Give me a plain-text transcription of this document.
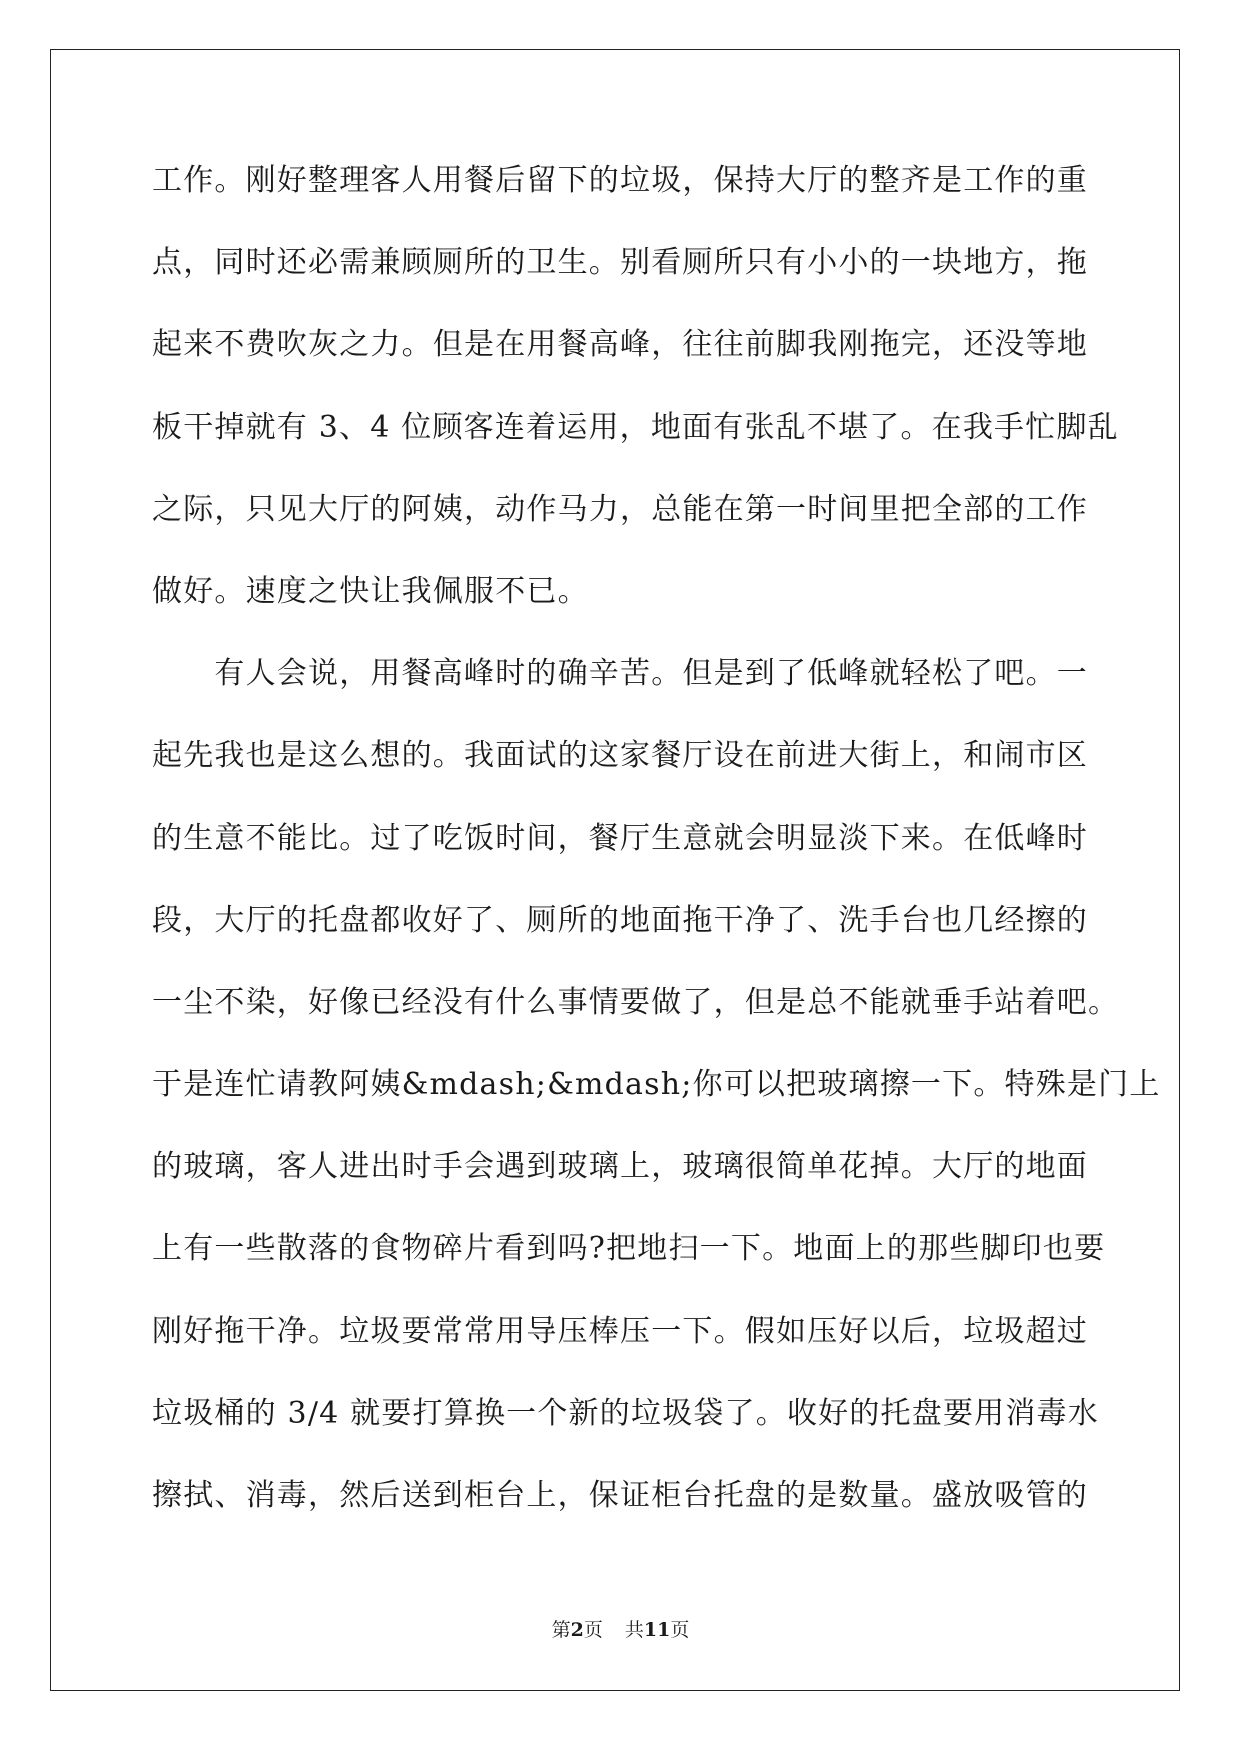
工作。刚好整理客人用餐后留下的垃圾，保持大厅的整齐是工作的重
点，同时还必需兼顾厕所的卫生。别看厕所只有小小的一块地方，拖
起来不费吹灰之力。但是在用餐高峰，往往前脚我刚拖完，还没等地
板干掉就有 3、4 位顾客连着运用，地面有张乱不堪了。在我手忙脚乱
之际，只见大厅的阿姨，动作马力，总能在第一时间里把全部的工作
做好。速度之快让我佩服不已。
　　有人会说，用餐高峰时的确辛苦。但是到了低峰就轻松了吧。一
起先我也是这么想的。我面试的这家餐厅设在前进大街上，和闹市区
的生意不能比。过了吃饭时间，餐厅生意就会明显淡下来。在低峰时
段，大厅的托盘都收好了、厕所的地面拖干净了、洗手台也几经擦的
一尘不染，好像已经没有什么事情要做了，但是总不能就垂手站着吧。
于是连忙请教阿姨&mdash;&mdash;你可以把玻璃擦一下。特殊是门上
的玻璃，客人进出时手会遇到玻璃上，玻璃很简单花掉。大厅的地面
上有一些散落的食物碎片看到吗?把地扫一下。地面上的那些脚印也要
刚好拖干净。垃圾要常常用导压棒压一下。假如压好以后，垃圾超过
垃圾桶的 3/4 就要打算换一个新的垃圾袋了。收好的托盘要用消毒水
擦拭、消毒，然后送到柜台上，保证柜台托盘的是数量。盛放吸管的
第2页 共11页
